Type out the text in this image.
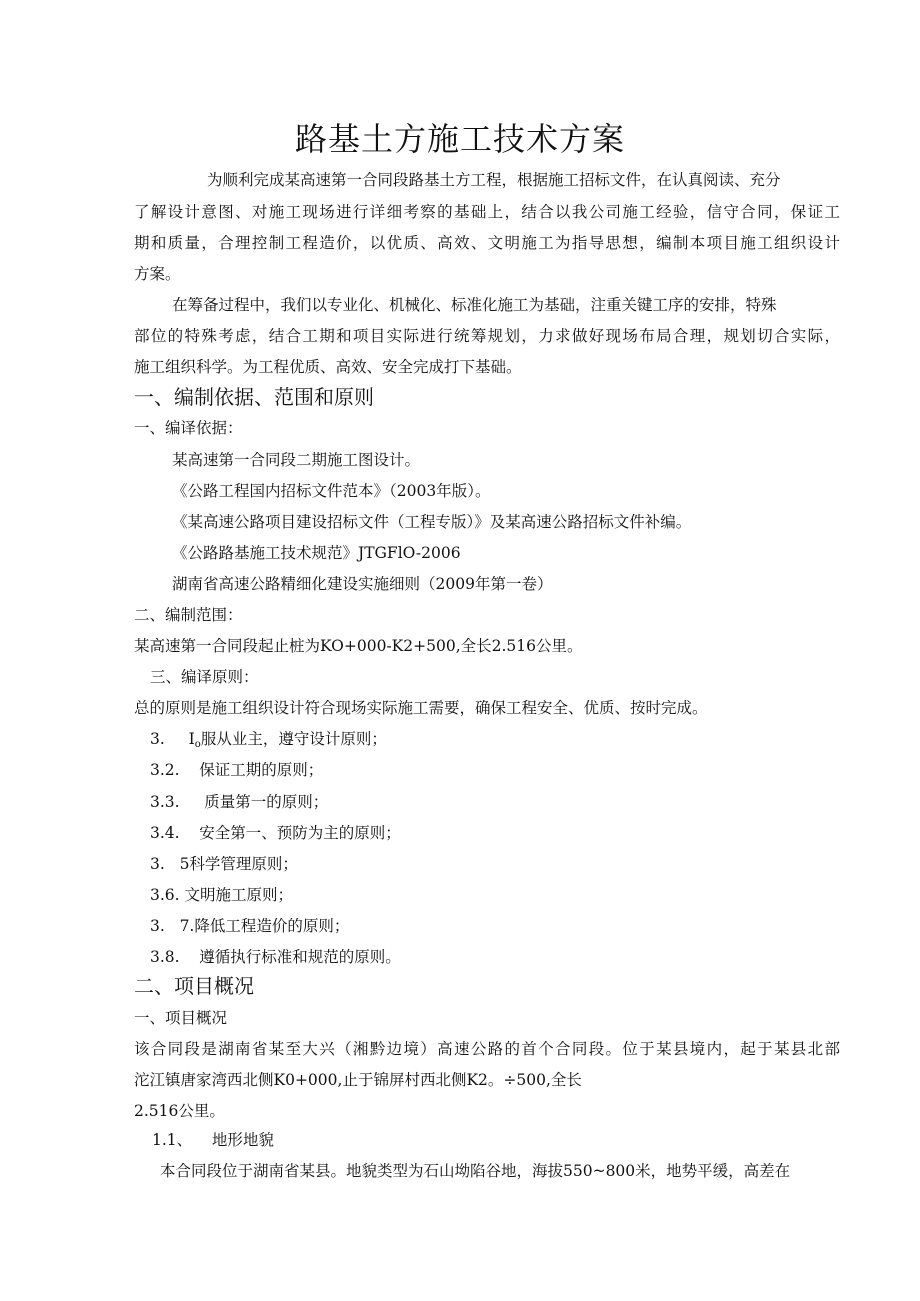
路基土方施工技术方案
为顺利完成某高速第一合同段路基土方工程，根据施工招标文件，在认真阅读、充分
了解设计意图、对施工现场进行详细考察的基础上，结合以我公司施工经验，信守合同，保证工
期和质量，合理控制工程造价，以优质、高效、文明施工为指导思想，编制本项目施工组织设计
方案。
在筹备过程中，我们以专业化、机械化、标准化施工为基础，注重关键工序的安排，特殊
部位的特殊考虑，结合工期和项目实际进行统筹规划，力求做好现场布局合理，规划切合实际，
施工组织科学。为工程优质、高效、安全完成打下基础。
一、编制依据、范围和原则
一、编译依据：
某高速第一合同段二期施工图设计。
《公路工程国内招标文件范本》（2003年版）。
《某高速公路项目建设招标文件（工程专版）》及某高速公路招标文件补编。
《公路路基施工技术规范》JTGFlO-2006
湖南省高速公路精细化建设实施细则（2009年第一卷）
二、编制范围：
某高速第一合同段起止桩为KO+000-K2+500,全长2.516公里。
三、编译原则：
总的原则是施工组织设计符合现场实际施工需要，确保工程安全、优质、按时完成。
3. $I_o$服从业主，遵守设计原则；
3.2.    保证工期的原则；
3.3.     质量第一的原则；
3.4.    安全第一、预防为主的原则；
3.   5科学管理原则；
3.6. 文明施工原则；
3.   7.降低工程造价的原则；
3.8.    遵循执行标准和规范的原则。
二、项目概况
一、项目概况
该合同段是湖南省某至大兴（湘黔边境）高速公路的首个合同段。位于某县境内，起于某县北部
沱江镇唐家湾西北侧K0+000,止于锦屏村西北侧K2。÷500,全长
2.516公里。
1.1、    地形地貌
本合同段位于湖南省某县。地貌类型为石山坳陷谷地，海拔550~800米，地势平缓，高差在
